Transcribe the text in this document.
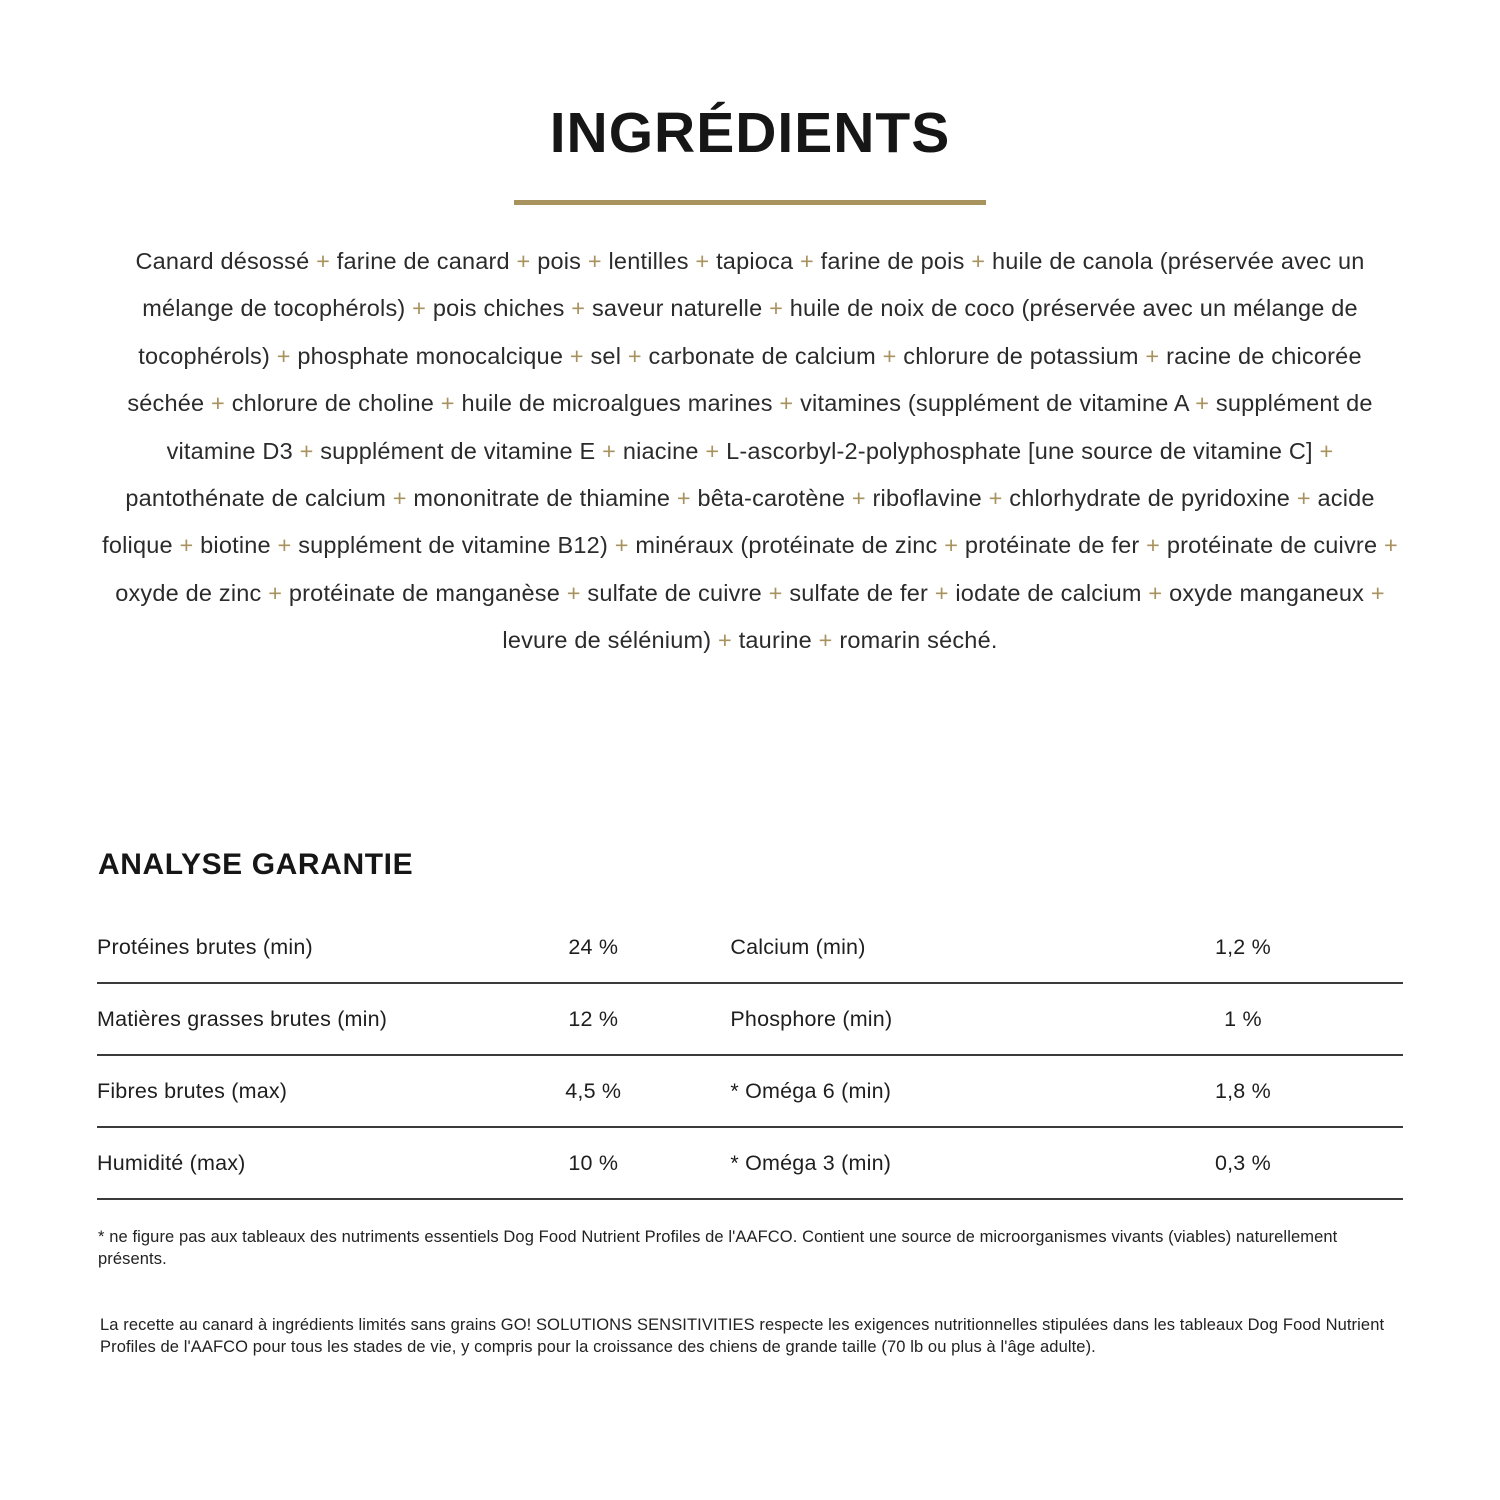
INGRÉDIENTS

Canard désossé + farine de canard + pois + lentilles + tapioca + farine de pois + huile de canola (préservée avec un mélange de tocophérols) + pois chiches + saveur naturelle + huile de noix de coco (préservée avec un mélange de tocophérols) + phosphate monocalcique + sel + carbonate de calcium + chlorure de potassium + racine de chicorée séchée + chlorure de choline + huile de microalgues marines + vitamines (supplément de vitamine A + supplément de vitamine D3 + supplément de vitamine E + niacine + L-ascorbyl-2-polyphosphate [une source de vitamine C] + pantothénate de calcium + mononitrate de thiamine + bêta-carotène + riboflavine + chlorhydrate de pyridoxine + acide folique + biotine + supplément de vitamine B12) + minéraux (protéinate de zinc + protéinate de fer + protéinate de cuivre + oxyde de zinc + protéinate de manganèse + sulfate de cuivre + sulfate de fer + iodate de calcium + oxyde manganeux + levure de sélénium) + taurine + romarin séché.

ANALYSE GARANTIE
Protéines brutes (min)	24 %	Calcium (min)	1,2 %
Matières grasses brutes (min)	12 %	Phosphore (min)	1 %
Fibres brutes (max)	4,5 %	* Oméga 6 (min)	1,8 %
Humidité (max)	10 %	* Oméga 3 (min)	0,3 %

* ne figure pas aux tableaux des nutriments essentiels Dog Food Nutrient Profiles de l'AAFCO. Contient une source de microorganismes vivants (viables) naturellement présents.

La recette au canard à ingrédients limités sans grains GO! SOLUTIONS SENSITIVITIES respecte les exigences nutritionnelles stipulées dans les tableaux Dog Food Nutrient Profiles de l'AAFCO pour tous les stades de vie, y compris pour la croissance des chiens de grande taille (70 lb ou plus à l'âge adulte).
